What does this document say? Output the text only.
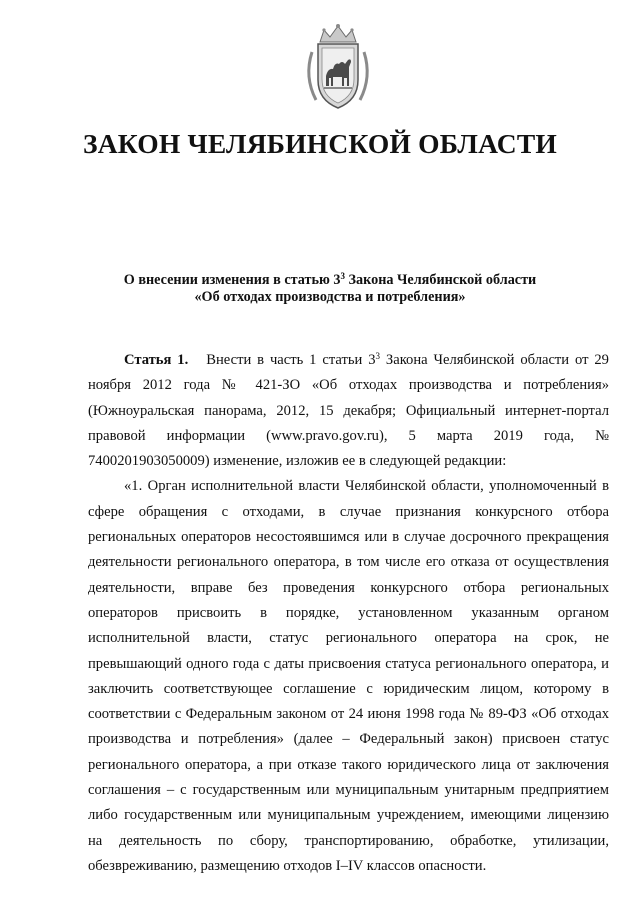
ЗАКОН ЧЕЛЯБИНСКОЙ ОБЛАСТИ
О внесении изменения в статью $3^3$ Закона Челябинской области
«Об отходах производства и потребления»

Статья 1. Внести в часть 1 статьи $3^3$ Закона Челябинской области от 29 ноября 2012 года № 421-ЗО «Об отходах производства и потребления» (Южноуральская панорама, 2012, 15 декабря; Официальный интернет-портал правовой информации (www.pravo.gov.ru), 5 марта 2019 года, № 7400201903050009) изменение, изложив ее в следующей редакции:

«1. Орган исполнительной власти Челябинской области, уполномоченный в сфере обращения с отходами, в случае признания конкурсного отбора региональных операторов несостоявшимся или в случае досрочного прекращения деятельности регионального оператора, в том числе его отказа от осуществления деятельности, вправе без проведения конкурсного отбора региональных операторов присвоить в порядке, установленном указанным органом исполнительной власти, статус регионального оператора на срок, не превышающий одного года с даты присвоения статуса регионального оператора, и заключить соответствующее соглашение с юридическим лицом, которому в соответствии с Федеральным законом от 24 июня 1998 года № 89-ФЗ «Об отходах производства и потребления» (далее – Федеральный закон) присвоен статус регионального оператора, а при отказе такого юридического лица от заключения соглашения – с государственным или муниципальным унитарным предприятием либо государственным или муниципальным учреждением, имеющими лицензию на деятельность по сбору, транспортированию, обработке, утилизации, обезвреживанию, размещению отходов I–IV классов опасности.
